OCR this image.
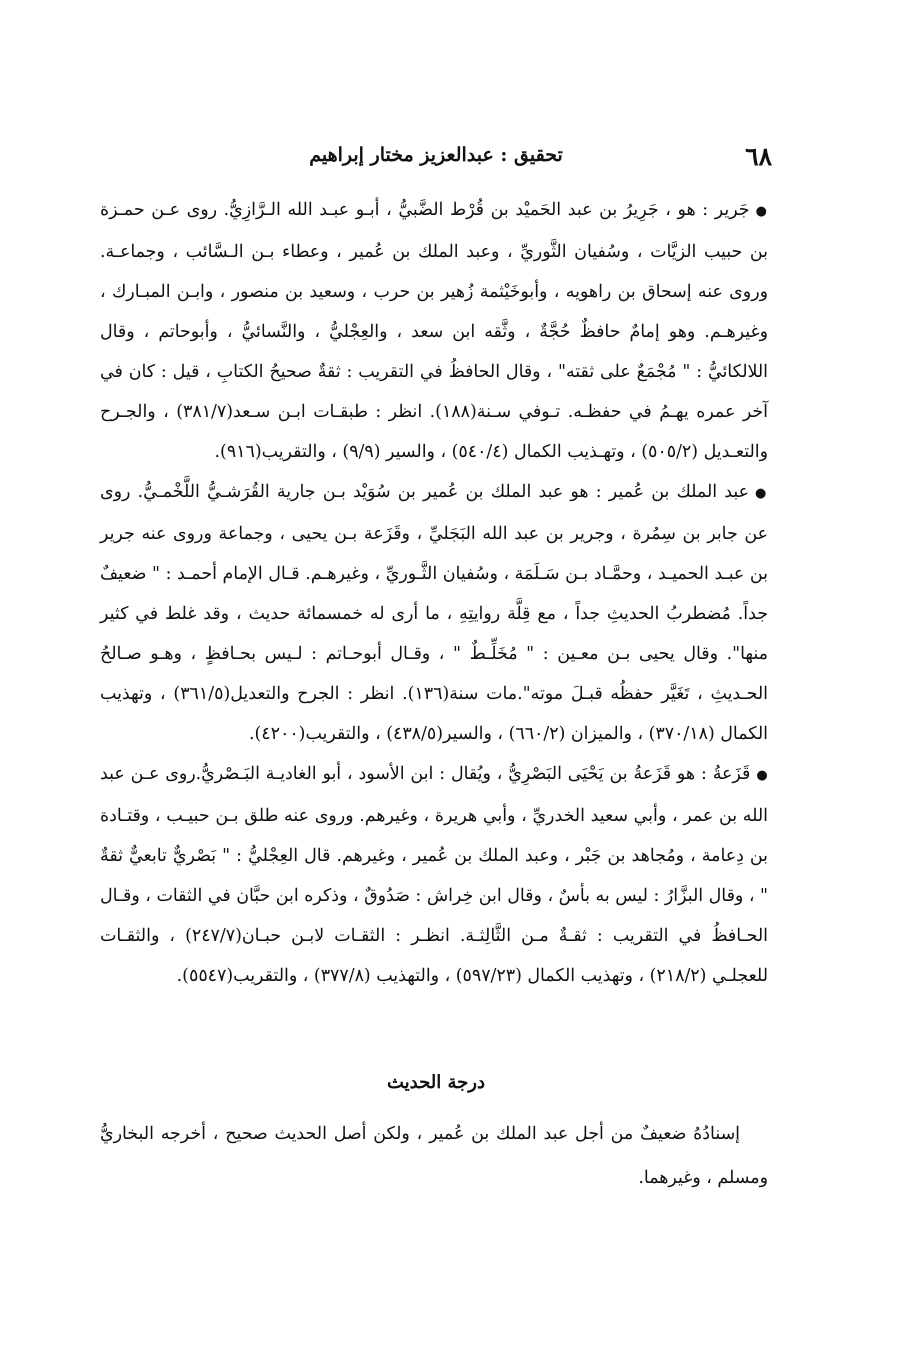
٦٨
تحقيق : عبدالعزيز مختار إبراهيم

●جَرير : هو ، جَرِيرُ بن عبد الحَميْد بن قُرْط الضَّبيُّ ، أبـو عبـد الله الـرَّازِيُّ. روى عـن حمـزة بن حبيب الزيَّات ، وسُفيان الثَّوريِّ ، وعبد الملك بن عُمير ، وعطاء بـن الـسَّائب ، وجماعـة. وروى عنه إسحاق بن راهويه ، وأبوخَيْثمة زُهير بن حرب ، وسعيد بن منصور ، وابـن المبـارك ، وغيرهـم. وهو إمامٌ حافظٌ حُجَّةٌ ، وثَّقه ابن سعد ، والعِجْليُّ ، والنَّسائيُّ ، وأبوحاتم ، وقال اللالكائيُّ : " مُجْمَعٌ على ثقته" ، وقال الحافظُ في التقريب : ثقةٌ صحيحُ الكتابِ ، قيل : كان في آخر عمره يهـمُ في حفظـه. تـوفي سـنة(١٨٨). انظر : طبقـات ابـن سـعد(٣٨١/٧) ، والجـرح والتعـديل (٥٠٥/٢) ، وتهـذيب الكمال (٥٤٠/٤) ، والسير (٩/٩) ، والتقريب(٩١٦).

●عبد الملك بن عُمير : هو عبد الملك بن عُمير بن سُوَيْد بـن جارية القُرَشـيُّ اللَّخْمـيُّ. روى عن جابر بن سِمُرة ، وجرير بن عبد الله البَجَليِّ ، وقَزَعة بـن يحيى ، وجماعة وروى عنه جرير بن عبـد الحميـد ، وحمَّـاد بـن سَـلَمَة ، وسُفيان الثَّـوريِّ ، وغيرهـم. قـال الإمام أحمـد : " ضعيفٌ جداً. مُضطربُ الحديثِ جداً ، مع قِلَّة روايتِهِ ، ما أرى له خمسمائة حديث ، وقد غلط في كثير منها". وقال يحيى بـن معـين : " مُخَلِّـطٌ " ، وقـال أبوحـاتم : لـيس بحـافظٍ ، وهـو صـالحُ الحـديثِ ، تَغَيَّر حفظُه قبـلَ موته".مات سنة(١٣٦). انظر : الجرح والتعديل(٣٦١/٥) ، وتهذيب الكمال (٣٧٠/١٨) ، والميزان (٦٦٠/٢) ، والسير(٤٣٨/٥) ، والتقريب(٤٢٠٠).

●قَزَعةُ : هو قَزَعةُ بن يَحْيَى البَصْرِيُّ ، ويُقال : ابن الأسود ، أبو الغاديـة البَـصْريُّ.روى عـن عبد الله بن عمر ، وأبي سعيد الخدريِّ ، وأبي هريرة ، وغيرهم. وروى عنه طلق بـن حبيـب ، وقتـادة بن دِعامة ، ومُجاهد بن جَبْر ، وعبد الملك بن عُمير ، وغيرهم. قال العِجْليُّ : " بَصْريٌّ تابعيٌّ ثقةٌ " ، وقال البزَّارُ : ليس به بأسٌ ، وقال ابن خِراش : صَدُوقٌ ، وذكره ابن حبَّان في الثقات ، وقـال الحـافظُ في التقريب : ثقـةٌ مـن الثَّالِثـة. انظـر : الثقـات لابـن حبـان(٢٤٧/٧) ، والثقـات للعجلـي (٢١٨/٢) ، وتهذيب الكمال (٥٩٧/٢٣) ، والتهذيب (٣٧٧/٨) ، والتقريب(٥٥٤٧).

درجة الحديث

إسنادُهُ ضعيفٌ من أجل عبد الملك بن عُمير ، ولكن أصل الحديث صحيح ، أخرجه البخاريُّ ومسلم ، وغيرهما.
